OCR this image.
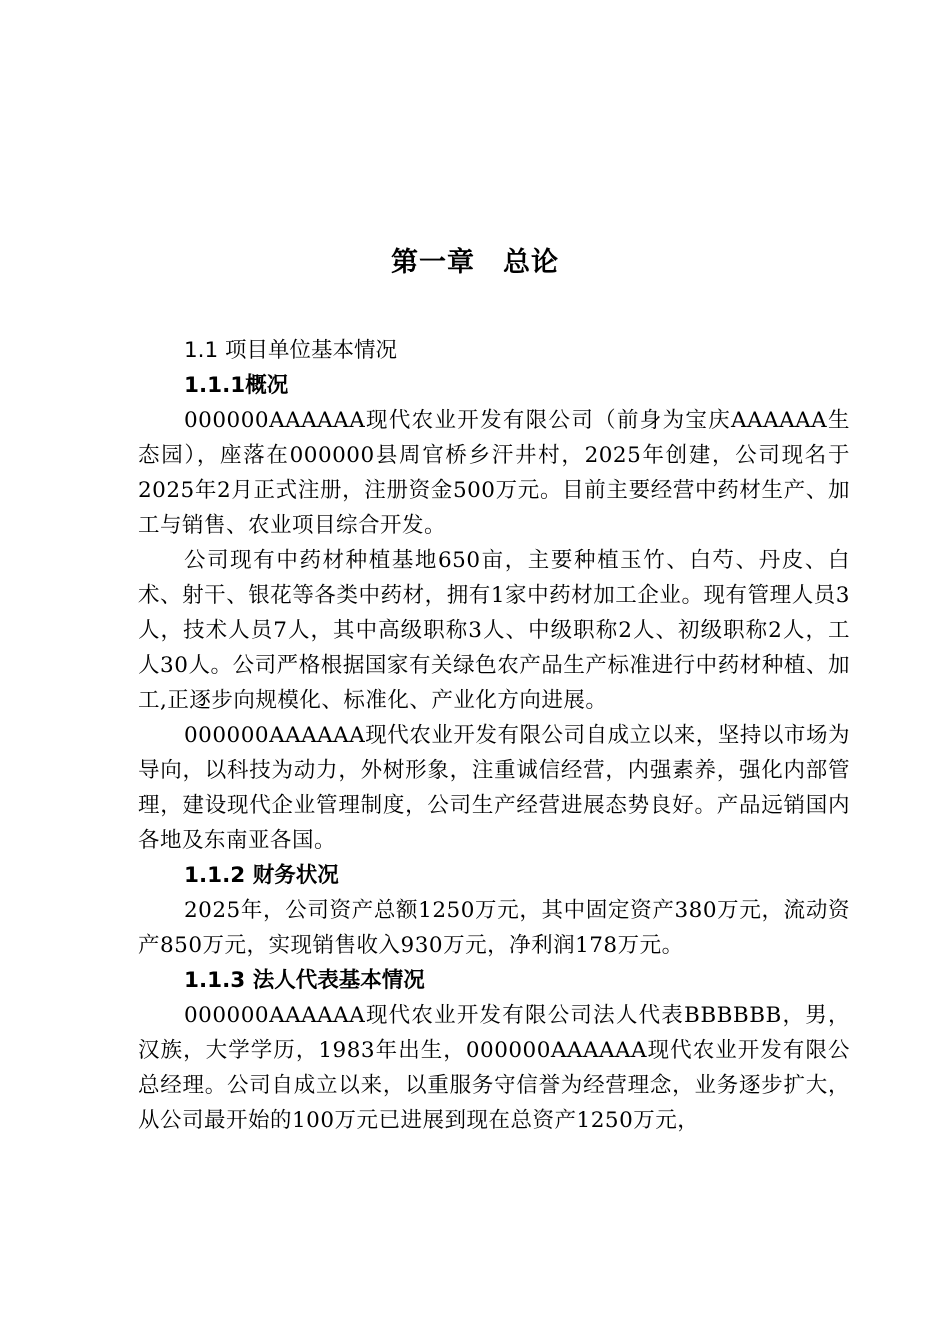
第一章　总论

1.1 项目单位基本情况

1.1.1概况

000000AAAAAA现代农业开发有限公司（前身为宝庆AAAAAA生态园），座落在000000县周官桥乡汗井村，2025年创建，公司现名于2025年2月正式注册，注册资金500万元。目前主要经营中药材生产、加工与销售、农业项目综合开发。

公司现有中药材种植基地650亩，主要种植玉竹、白芍、丹皮、白术、射干、银花等各类中药材，拥有1家中药材加工企业。现有管理人员3人，技术人员7人，其中高级职称3人、中级职称2人、初级职称2人，工人30人。公司严格根据国家有关绿色农产品生产标准进行中药材种植、加工,正逐步向规模化、标准化、产业化方向进展。

000000AAAAAA现代农业开发有限公司自成立以来，坚持以市场为导向，以科技为动力，外树形象，注重诚信经营，内强素养，强化内部管理，建设现代企业管理制度，公司生产经营进展态势良好。产品远销国内各地及东南亚各国。

1.1.2 财务状况

2025年，公司资产总额1250万元，其中固定资产380万元，流动资产850万元，实现销售收入930万元，净利润178万元。

1.1.3 法人代表基本情况

000000AAAAAA现代农业开发有限公司法人代表BBBBBB，男，汉族，大学学历，1983年出生，000000AAAAAA现代农业开发有限公总经理。公司自成立以来，以重服务守信誉为经营理念，业务逐步扩大，从公司最开始的100万元已进展到现在总资产1250万元，
